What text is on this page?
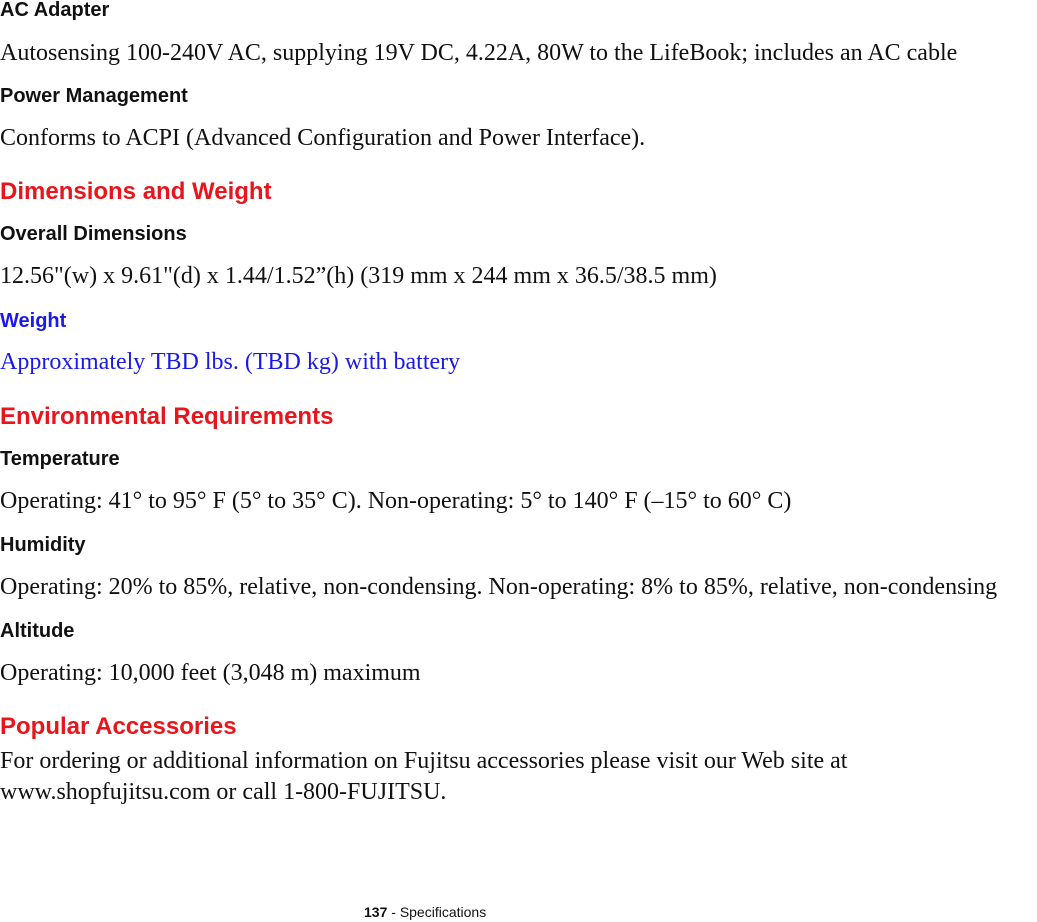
AC Adapter
Autosensing 100-240V AC, supplying 19V DC, 4.22A, 80W to the LifeBook; includes an AC cable
Power Management
Conforms to ACPI (Advanced Configuration and Power Interface).
Dimensions and Weight
Overall Dimensions
12.56"(w) x 9.61"(d) x 1.44/1.52”(h) (319 mm x 244 mm x 36.5/38.5 mm)
Weight
Approximately TBD lbs. (TBD kg) with battery
Environmental Requirements
Temperature
Operating: 41° to 95° F (5° to 35° C). Non-operating: 5° to 140° F (–15° to 60° C)
Humidity
Operating: 20% to 85%, relative, non-condensing. Non-operating: 8% to 85%, relative, non-condensing
Altitude
Operating: 10,000 feet (3,048 m) maximum
Popular Accessories
For ordering or additional information on Fujitsu accessories please visit our Web site at www.shopfujitsu.com or call 1-800-FUJITSU.
137 - Specifications
